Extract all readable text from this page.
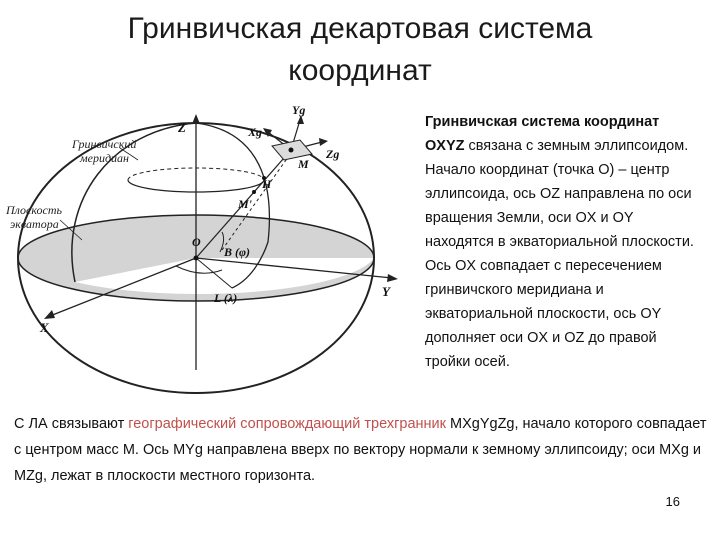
Гринвичская декартовая система
координат
Гринвичский
меридиан
Плоскость
экватора
Z
X
Y
O
H
M
M'
B (φ)
L (λ)
Xg
Yg
Zg
Гринвичская система координат OXYZ связана с земным эллипсоидом. Начало координат (точка О) – центр эллипсоида, ось OZ направлена по оси вращения Земли, оси OX и OY находятся в экваториальной плоскости. Ось OX совпадает с пересечением гринвичского меридиана и экваториальной плоскости, ось OY дополняет оси OX и OZ до правой тройки осей.
С ЛА связывают географический сопровождающий трехгранник MXgYgZg, начало которого совпадает с центром масс М. Ось MYg направлена вверх по вектору нормали к земному эллипсоиду; оси MXg и MZg, лежат в плоскости местного горизонта.
16
